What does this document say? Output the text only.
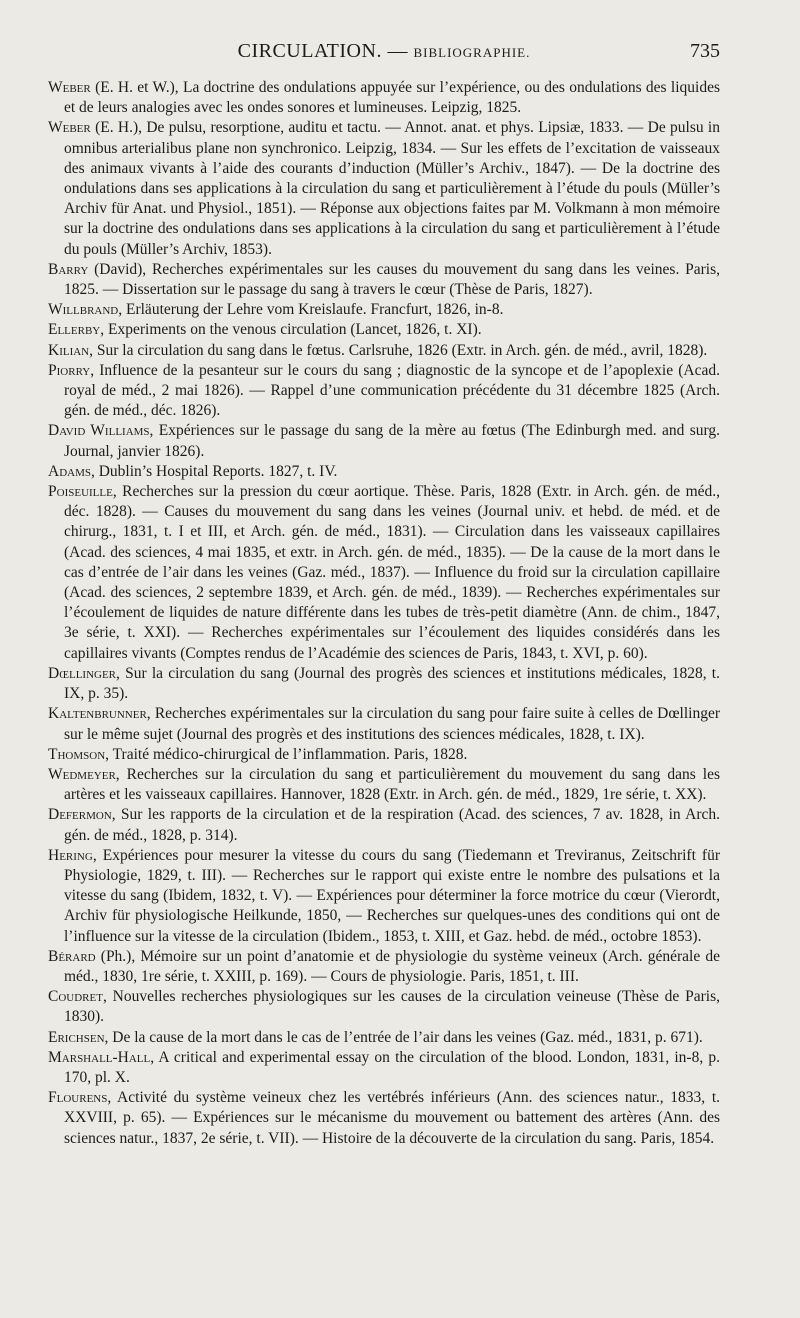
CIRCULATION. — BIBLIOGRAPHIE.	735

Weber (E. H. et W.), La doctrine des ondulations appuyée sur l’expérience, ou des ondulations des liquides et de leurs analogies avec les ondes sonores et lumineuses. Leipzig, 1825.

Weber (E. H.), De pulsu, resorptione, auditu et tactu. — Annot. anat. et phys. Lipsiæ, 1833. — De pulsu in omnibus arterialibus plane non synchronico. Leipzig, 1834. — Sur les effets de l’excitation de vaisseaux des animaux vivants à l’aide des courants d’induction (Müller’s Archiv., 1847). — De la doctrine des ondulations dans ses applications à la circulation du sang et particulièrement à l’étude du pouls (Müller’s Archiv für Anat. und Physiol., 1851). — Réponse aux objections faites par M. Volkmann à mon mémoire sur la doctrine des ondulations dans ses applications à la circulation du sang et particulièrement à l’étude du pouls (Müller’s Archiv, 1853).

Barry (David), Recherches expérimentales sur les causes du mouvement du sang dans les veines. Paris, 1825. — Dissertation sur le passage du sang à travers le cœur (Thèse de Paris, 1827).

Willbrand, Erläuterung der Lehre vom Kreislaufe. Francfurt, 1826, in-8.

Ellerby, Experiments on the venous circulation (Lancet, 1826, t. XI).

Kilian, Sur la circulation du sang dans le fœtus. Carlsruhe, 1826 (Extr. in Arch. gén. de méd., avril, 1828).

Piorry, Influence de la pesanteur sur le cours du sang ; diagnostic de la syncope et de l’apoplexie (Acad. royal de méd., 2 mai 1826). — Rappel d’une communication précédente du 31 décembre 1825 (Arch. gén. de méd., déc. 1826).

David Williams, Expériences sur le passage du sang de la mère au fœtus (The Edinburgh med. and surg. Journal, janvier 1826).

Adams, Dublin’s Hospital Reports. 1827, t. IV.

Poiseuille, Recherches sur la pression du cœur aortique. Thèse. Paris, 1828 (Extr. in Arch. gén. de méd., déc. 1828). — Causes du mouvement du sang dans les veines (Journal univ. et hebd. de méd. et de chirurg., 1831, t. I et III, et Arch. gén. de méd., 1831). — Circulation dans les vaisseaux capillaires (Acad. des sciences, 4 mai 1835, et extr. in Arch. gén. de méd., 1835). — De la cause de la mort dans le cas d’entrée de l’air dans les veines (Gaz. méd., 1837). — Influence du froid sur la circulation capillaire (Acad. des sciences, 2 septembre 1839, et Arch. gén. de méd., 1839). — Recherches expérimentales sur l’écoulement de liquides de nature différente dans les tubes de très-petit diamètre (Ann. de chim., 1847, 3e série, t. XXI). — Recherches expérimentales sur l’écoulement des liquides considérés dans les capillaires vivants (Comptes rendus de l’Académie des sciences de Paris, 1843, t. XVI, p. 60).

Dœllinger, Sur la circulation du sang (Journal des progrès des sciences et institutions médicales, 1828, t. IX, p. 35).

Kaltenbrunner, Recherches expérimentales sur la circulation du sang pour faire suite à celles de Dœllinger sur le même sujet (Journal des progrès et des institutions des sciences médicales, 1828, t. IX).

Thomson, Traité médico-chirurgical de l’inflammation. Paris, 1828.

Wedmeyer, Recherches sur la circulation du sang et particulièrement du mouvement du sang dans les artères et les vaisseaux capillaires. Hannover, 1828 (Extr. in Arch. gén. de méd., 1829, 1re série, t. XX).

Defermon, Sur les rapports de la circulation et de la respiration (Acad. des sciences, 7 av. 1828, in Arch. gén. de méd., 1828, p. 314).

Hering, Expériences pour mesurer la vitesse du cours du sang (Tiedemann et Treviranus, Zeitschrift für Physiologie, 1829, t. III). — Recherches sur le rapport qui existe entre le nombre des pulsations et la vitesse du sang (Ibidem, 1832, t. V). — Expériences pour déterminer la force motrice du cœur (Vierordt, Archiv für physiologische Heilkunde, 1850, — Recherches sur quelques-unes des conditions qui ont de l’influence sur la vitesse de la circulation (Ibidem., 1853, t. XIII, et Gaz. hebd. de méd., octobre 1853).

Bérard (Ph.), Mémoire sur un point d’anatomie et de physiologie du système veineux (Arch. générale de méd., 1830, 1re série, t. XXIII, p. 169). — Cours de physiologie. Paris, 1851, t. III.

Coudret, Nouvelles recherches physiologiques sur les causes de la circulation veineuse (Thèse de Paris, 1830).

Erichsen, De la cause de la mort dans le cas de l’entrée de l’air dans les veines (Gaz. méd., 1831, p. 671).

Marshall-Hall, A critical and experimental essay on the circulation of the blood. London, 1831, in-8, p. 170, pl. X.

Flourens, Activité du système veineux chez les vertébrés inférieurs (Ann. des sciences natur., 1833, t. XXVIII, p. 65). — Expériences sur le mécanisme du mouvement ou battement des artères (Ann. des sciences natur., 1837, 2e série, t. VII). — Histoire de la découverte de la circulation du sang. Paris, 1854.
